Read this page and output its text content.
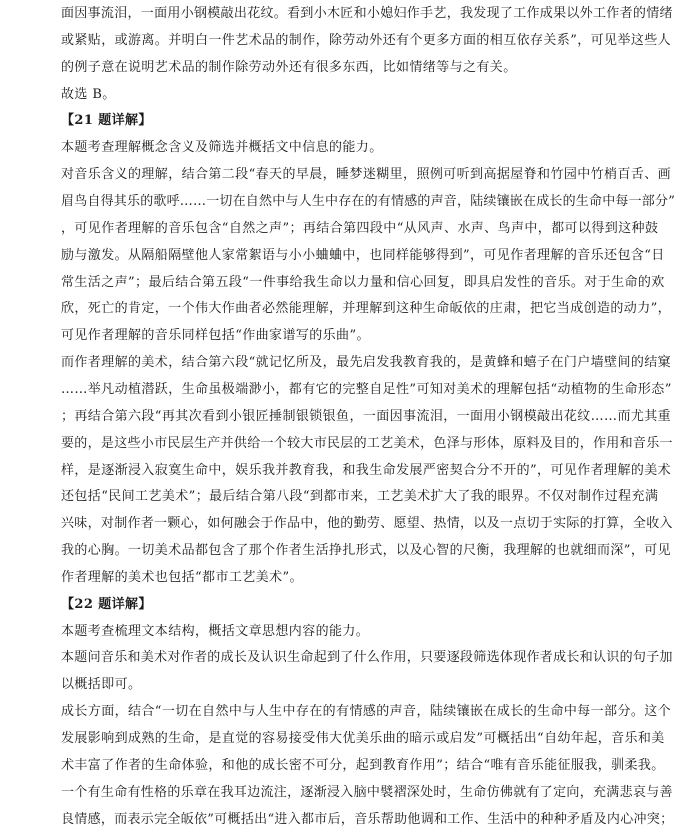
面因事流泪，一面用小钢模敲出花纹。看到小木匠和小媳妇作手艺，我发现了工作成果以外工作者的情绪
或紧贴，或游离。并明白一件艺术品的制作，除劳动外还有个更多方面的相互依存关系”，可见举这些人
的例子意在说明艺术品的制作除劳动外还有很多东西，比如情绪等与之有关。
故选 B。
【21 题详解】
本题考查理解概念含义及筛选并概括文中信息的能力。
对音乐含义的理解，结合第二段“春天的早晨，睡梦迷糊里，照例可听到高据屋脊和竹园中竹梢百舌、画
眉鸟自得其乐的歌呼……一切在自然中与人生中存在的有情感的声音，陆续镶嵌在成长的生命中每一部分”
，可见作者理解的音乐包含“自然之声”；再结合第四段中“从风声、水声、鸟声中，都可以得到这种鼓
励与激发。从隔船隔壁他人家常絮语与小小蛐蛐中，也同样能够得到”，可见作者理解的音乐还包含“日
常生活之声”；最后结合第五段“一件事给我生命以力量和信心回复，即具启发性的音乐。对于生命的欢
欣，死亡的肯定，一个伟大作曲者必然能理解，并理解到这种生命皈依的庄肃，把它当成创造的动力”，
可见作者理解的音乐同样包括“作曲家谱写的乐曲”。
而作者理解的美术，结合第六段“就记忆所及，最先启发我教育我的，是黄蜂和蟢子在门户墙壁间的结窠
……举凡动植潜跃，生命虽极端渺小，都有它的完整自足性”可知对美术的理解包括“动植物的生命形态”
；再结合第六段“再其次看到小银匠捶制银锁银鱼，一面因事流泪，一面用小钢模敲出花纹……而尤其重
要的，是这些小市民层生产并供给一个较大市民层的工艺美术，色泽与形体，原料及目的，作用和音乐一
样，是逐渐浸入寂寞生命中，娱乐我并教育我，和我生命发展严密契合分不开的”，可见作者理解的美术
还包括“民间工艺美术”；最后结合第八段“到都市来，工艺美术扩大了我的眼界。不仅对制作过程充满
兴味，对制作者一颗心，如何融会于作品中，他的勤劳、愿望、热情，以及一点切于实际的打算，全收入
我的心胸。一切美术品都包含了那个作者生活挣扎形式，以及心智的尺衡，我理解的也就细而深”，可见
作者理解的美术也包括“都市工艺美术”。
【22 题详解】
本题考查梳理文本结构，概括文章思想内容的能力。
本题问音乐和美术对作者的成长及认识生命起到了什么作用，只要逐段筛选体现作者成长和认识的句子加
以概括即可。
成长方面，结合“一切在自然中与人生中存在的有情感的声音，陆续镶嵌在成长的生命中每一部分。这个
发展影响到成熟的生命，是直觉的容易接受伟大优美乐曲的暗示或启发”可概括出“自幼年起，音乐和美
术丰富了作者的生命体验，和他的成长密不可分，起到教育作用”；结合“唯有音乐能征服我，驯柔我。
一个有生命有性格的乐章在我耳边流注，逐渐浸入脑中襞褶深处时，生命仿佛就有了定向，充满悲哀与善
良情感，而表示完全皈依”可概括出“进入都市后，音乐帮助他调和工作、生活中的种种矛盾及内心冲突；
